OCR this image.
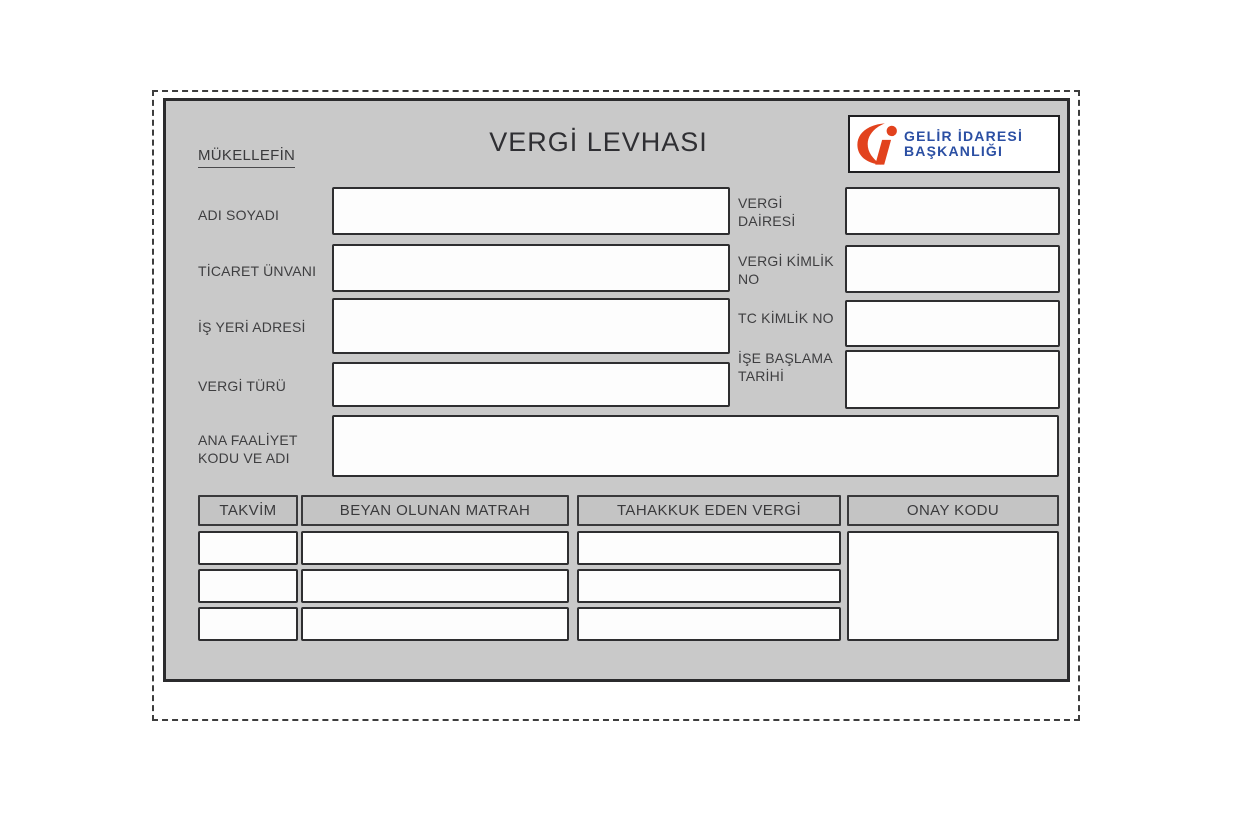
VERGİ LEVHASI
MÜKELLEFİN
GELİR İDARESİ
BAŞKANLIĞI
ADI SOYADI
TİCARET ÜNVANI
İŞ YERİ ADRESİ
VERGİ TÜRÜ
ANA FAALİYET KODU VE ADI
VERGİ DAİRESİ
VERGİ KİMLİK NO
TC KİMLİK NO
İŞE BAŞLAMA TARİHİ
TAKVİM	BEYAN OLUNAN MATRAH	TAHAKKUK EDEN VERGİ	ONAY KODU
